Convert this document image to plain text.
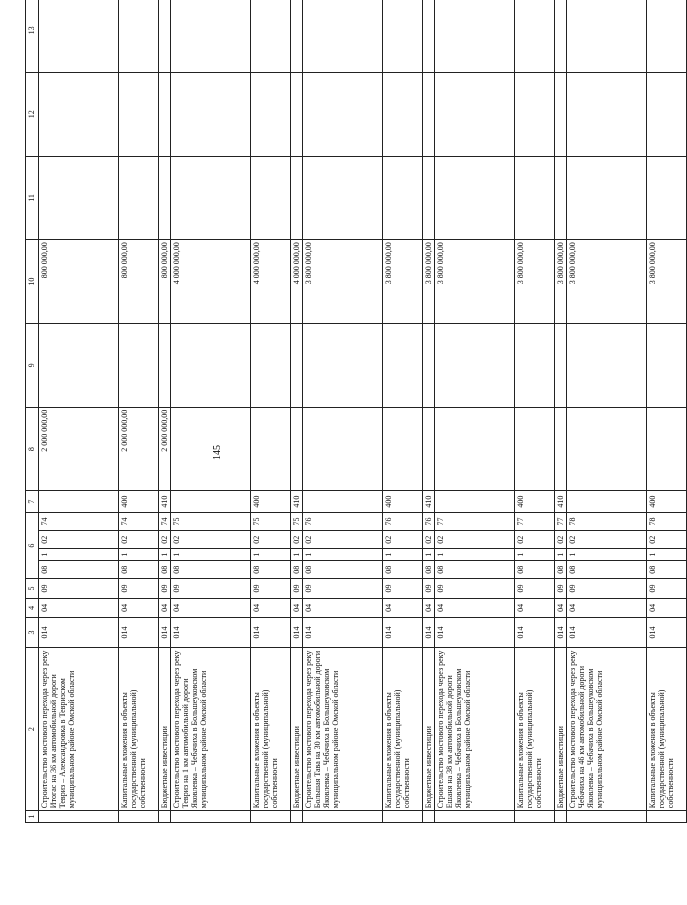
145
1	2	3	4	5	6				7	8	9	10	11	12	13
	Строительство мостового перехода через реку Итогас на 36 км автомобильной дороги Тевриз – Александровка в Тевризском муниципальном районе Омской области	014	04	09	08	1	02	74		2 000 000,00		800 000,00			
	Капитальные вложения в объекты государственной (муниципальной) собственности	014	04	09	08	1	02	74	400	2 000 000,00		800 000,00			
	Бюджетные инвестиции	014	04	09	08	1	02	74	410	2 000 000,00		800 000,00			
	Строительство мостового перехода через реку Тевриз на 1 км автомобильной дороги Яковлевка – Чебачиха в Большеуковском муниципальном районе Омской области	014	04	09	08	1	02	75				4 000 000,00			
	Капитальные вложения в объекты государственной (муниципальной) собственности	014	04	09	08	1	02	75	400			4 000 000,00			
	Бюджетные инвестиции	014	04	09	08	1	02	75	410			4 000 000,00			
	Строительство мостового перехода через реку Большая Тава на 30 км автомобильной дороги Яковлевка – Чебачиха в Большеуковском муниципальном районе Омской области	014	04	09	08	1	02	76				3 800 000,00			
	Капитальные вложения в объекты государственной (муниципальной) собственности	014	04	09	08	1	02	76	400			3 800 000,00			
	Бюджетные инвестиции	014	04	09	08	1	02	76	410			3 800 000,00			
	Строительство мостового перехода через реку Ешаня на 38 км автомобильной дороги Яковлевка – Чебачиха в Большеуковском муниципальном районе Омской области	014	04	09	08	1	02	77				3 800 000,00			
	Капитальные вложения в объекты государственной (муниципальной) собственности	014	04	09	08	1	02	77	400			3 800 000,00			
	Бюджетные инвестиции	014	04	09	08	1	02	77	410			3 800 000,00			
	Строительство мостового перехода через реку Чебачиха на 46 км автомобильной дороги Яковлевка – Чебачиха в Большеуковском муниципальном районе Омской области	014	04	09	08	1	02	78				3 800 000,00			
	Капитальные вложения в объекты государственной (муниципальной) собственности	014	04	09	08	1	02	78	400			3 800 000,00			
